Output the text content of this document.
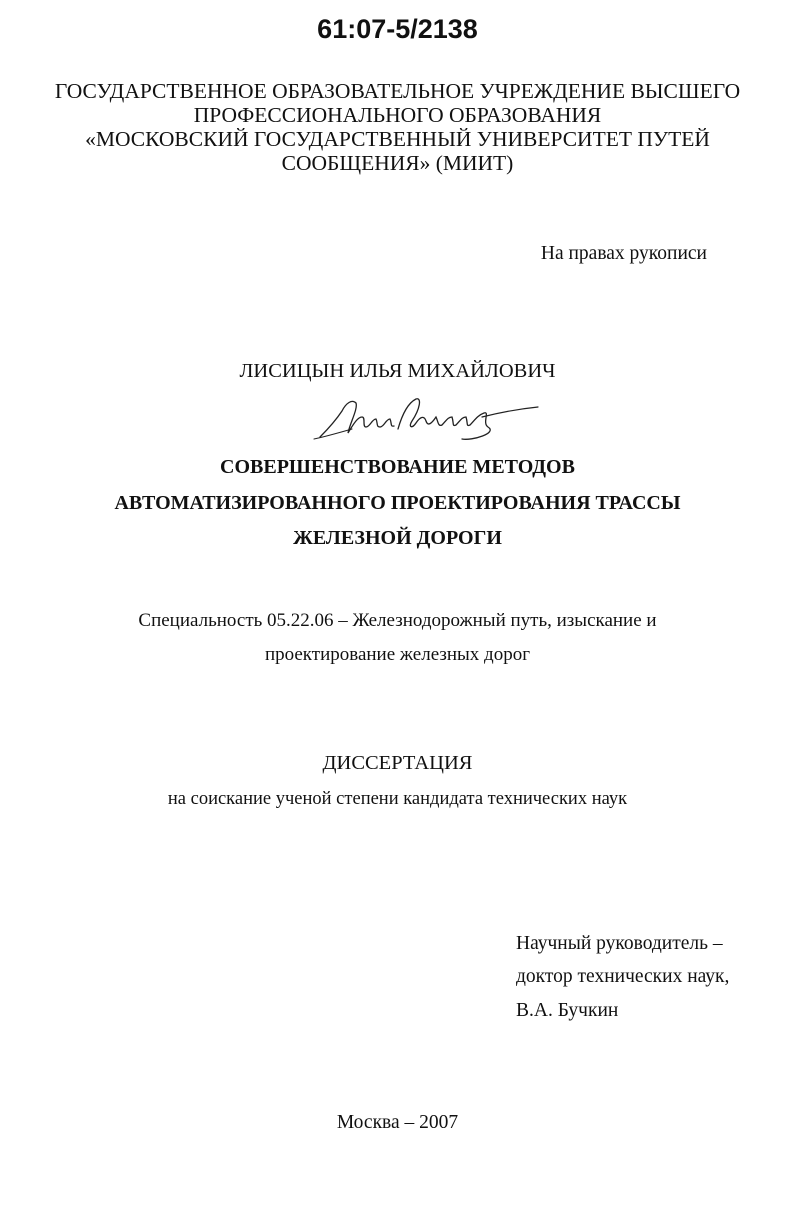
61:07-5/2138
ГОСУДАРСТВЕННОЕ ОБРАЗОВАТЕЛЬНОЕ УЧРЕЖДЕНИЕ ВЫСШЕГО
ПРОФЕССИОНАЛЬНОГО ОБРАЗОВАНИЯ
«МОСКОВСКИЙ ГОСУДАРСТВЕННЫЙ УНИВЕРСИТЕТ ПУТЕЙ
СООБЩЕНИЯ» (МИИТ)
На правах рукописи
ЛИСИЦЫН ИЛЬЯ МИХАЙЛОВИЧ
СОВЕРШЕНСТВОВАНИЕ МЕТОДОВ
АВТОМАТИЗИРОВАННОГО ПРОЕКТИРОВАНИЯ ТРАССЫ
ЖЕЛЕЗНОЙ ДОРОГИ
Специальность 05.22.06 – Железнодорожный путь, изыскание и
проектирование железных дорог
ДИССЕРТАЦИЯ
на соискание ученой степени кандидата технических наук
Научный руководитель –
доктор технических наук,
В.А. Бучкин
Москва – 2007
